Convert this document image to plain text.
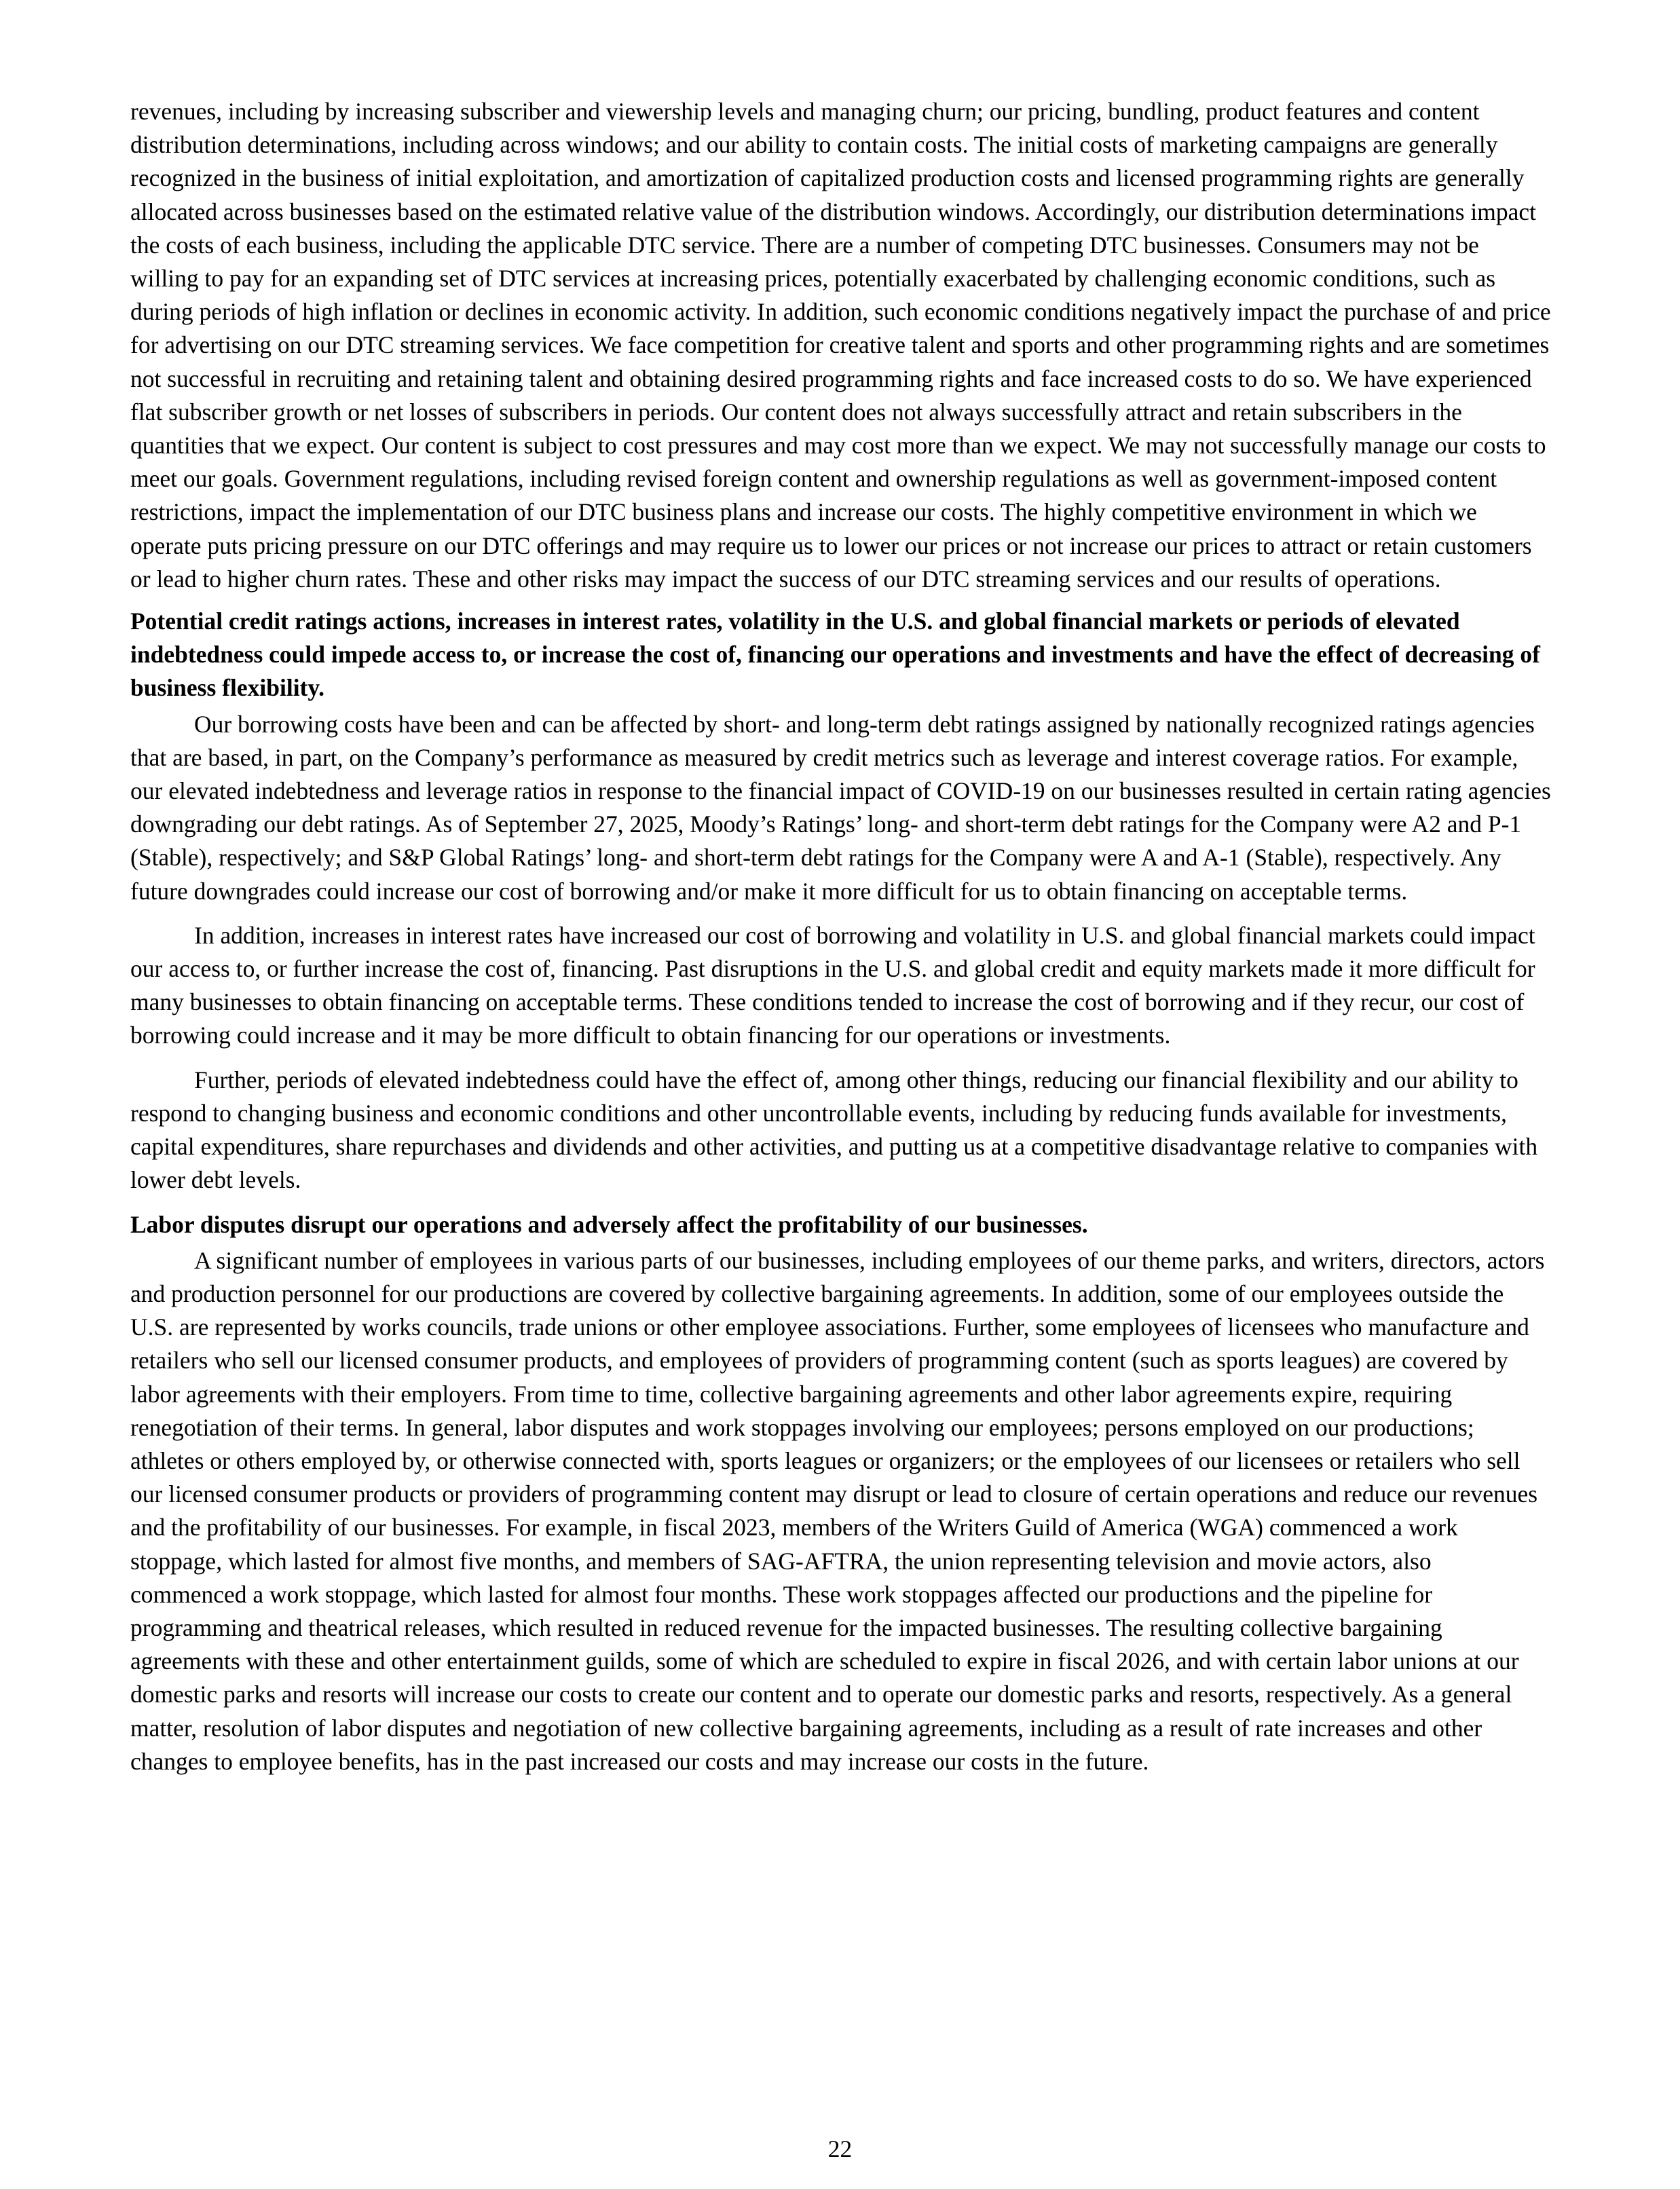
revenues, including by increasing subscriber and viewership levels and managing churn; our pricing, bundling, product features and content distribution determinations, including across windows; and our ability to contain costs. The initial costs of marketing campaigns are generally recognized in the business of initial exploitation, and amortization of capitalized production costs and licensed programming rights are generally allocated across businesses based on the estimated relative value of the distribution windows. Accordingly, our distribution determinations impact the costs of each business, including the applicable DTC service. There are a number of competing DTC businesses. Consumers may not be willing to pay for an expanding set of DTC services at increasing prices, potentially exacerbated by challenging economic conditions, such as during periods of high inflation or declines in economic activity. In addition, such economic conditions negatively impact the purchase of and price for advertising on our DTC streaming services. We face competition for creative talent and sports and other programming rights and are sometimes not successful in recruiting and retaining talent and obtaining desired programming rights and face increased costs to do so. We have experienced flat subscriber growth or net losses of subscribers in periods. Our content does not always successfully attract and retain subscribers in the quantities that we expect. Our content is subject to cost pressures and may cost more than we expect. We may not successfully manage our costs to meet our goals. Government regulations, including revised foreign content and ownership regulations as well as government-imposed content restrictions, impact the implementation of our DTC business plans and increase our costs. The highly competitive environment in which we operate puts pricing pressure on our DTC offerings and may require us to lower our prices or not increase our prices to attract or retain customers or lead to higher churn rates. These and other risks may impact the success of our DTC streaming services and our results of operations.

Potential credit ratings actions, increases in interest rates, volatility in the U.S. and global financial markets or periods of elevated indebtedness could impede access to, or increase the cost of, financing our operations and investments and have the effect of decreasing of business flexibility.

Our borrowing costs have been and can be affected by short- and long-term debt ratings assigned by nationally recognized ratings agencies that are based, in part, on the Company’s performance as measured by credit metrics such as leverage and interest coverage ratios. For example, our elevated indebtedness and leverage ratios in response to the financial impact of COVID-19 on our businesses resulted in certain rating agencies downgrading our debt ratings. As of September 27, 2025, Moody’s Ratings’ long- and short-term debt ratings for the Company were A2 and P-1 (Stable), respectively; and S&P Global Ratings’ long- and short-term debt ratings for the Company were A and A-1 (Stable), respectively. Any future downgrades could increase our cost of borrowing and/or make it more difficult for us to obtain financing on acceptable terms.

In addition, increases in interest rates have increased our cost of borrowing and volatility in U.S. and global financial markets could impact our access to, or further increase the cost of, financing. Past disruptions in the U.S. and global credit and equity markets made it more difficult for many businesses to obtain financing on acceptable terms. These conditions tended to increase the cost of borrowing and if they recur, our cost of borrowing could increase and it may be more difficult to obtain financing for our operations or investments.

Further, periods of elevated indebtedness could have the effect of, among other things, reducing our financial flexibility and our ability to respond to changing business and economic conditions and other uncontrollable events, including by reducing funds available for investments, capital expenditures, share repurchases and dividends and other activities, and putting us at a competitive disadvantage relative to companies with lower debt levels.

Labor disputes disrupt our operations and adversely affect the profitability of our businesses.

A significant number of employees in various parts of our businesses, including employees of our theme parks, and writers, directors, actors and production personnel for our productions are covered by collective bargaining agreements. In addition, some of our employees outside the U.S. are represented by works councils, trade unions or other employee associations. Further, some employees of licensees who manufacture and retailers who sell our licensed consumer products, and employees of providers of programming content (such as sports leagues) are covered by labor agreements with their employers. From time to time, collective bargaining agreements and other labor agreements expire, requiring renegotiation of their terms. In general, labor disputes and work stoppages involving our employees; persons employed on our productions; athletes or others employed by, or otherwise connected with, sports leagues or organizers; or the employees of our licensees or retailers who sell our licensed consumer products or providers of programming content may disrupt or lead to closure of certain operations and reduce our revenues and the profitability of our businesses. For example, in fiscal 2023, members of the Writers Guild of America (WGA) commenced a work stoppage, which lasted for almost five months, and members of SAG-AFTRA, the union representing television and movie actors, also commenced a work stoppage, which lasted for almost four months. These work stoppages affected our productions and the pipeline for programming and theatrical releases, which resulted in reduced revenue for the impacted businesses. The resulting collective bargaining agreements with these and other entertainment guilds, some of which are scheduled to expire in fiscal 2026, and with certain labor unions at our domestic parks and resorts will increase our costs to create our content and to operate our domestic parks and resorts, respectively. As a general matter, resolution of labor disputes and negotiation of new collective bargaining agreements, including as a result of rate increases and other changes to employee benefits, has in the past increased our costs and may increase our costs in the future.

22
